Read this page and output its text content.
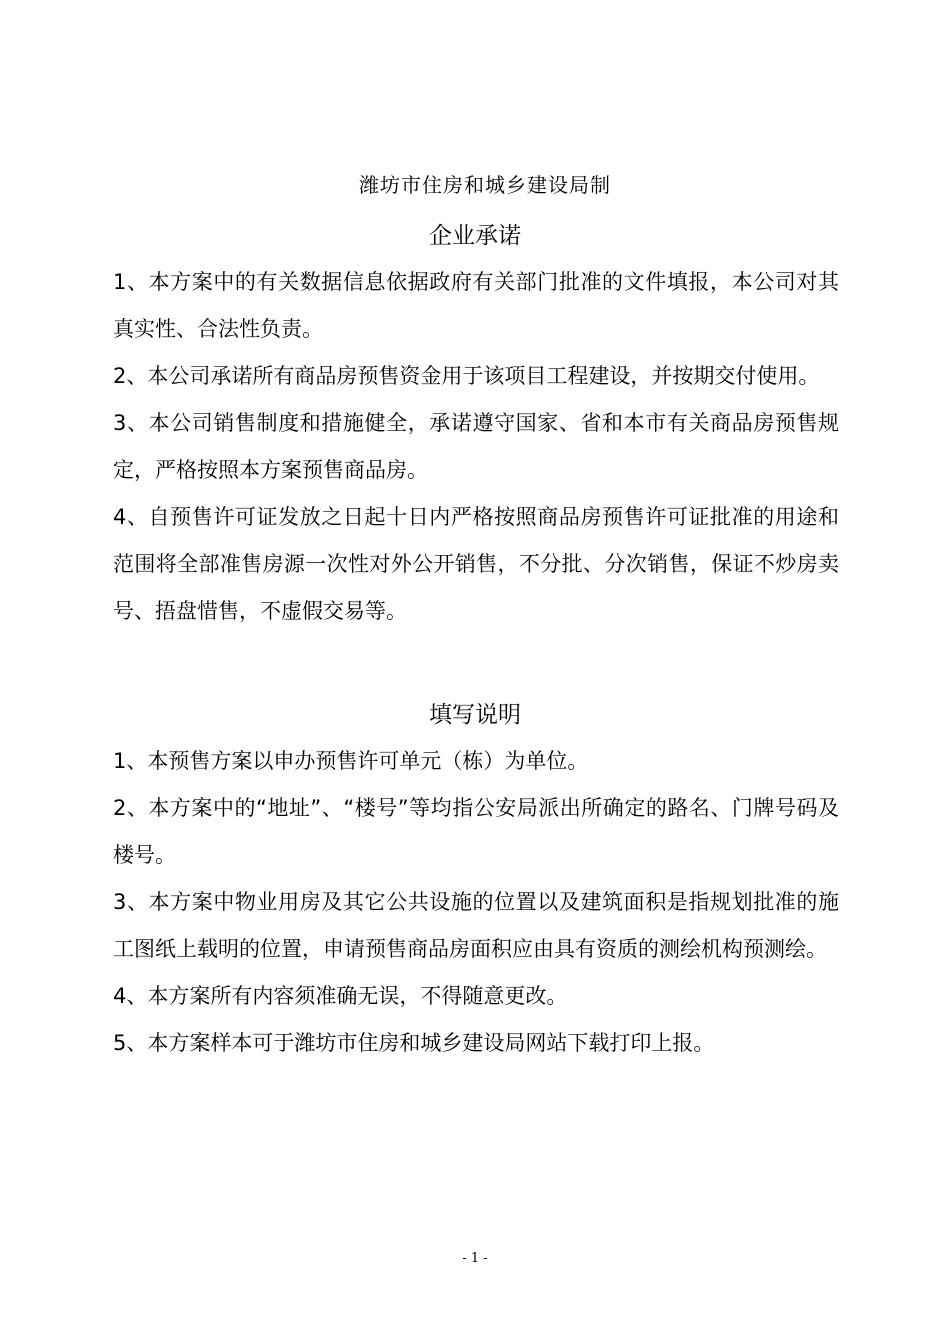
潍坊市住房和城乡建设局制
企业承诺

1、本方案中的有关数据信息依据政府有关部门批准的文件填报，本公司对其真实性、合法性负责。

2、本公司承诺所有商品房预售资金用于该项目工程建设，并按期交付使用。

3、本公司销售制度和措施健全，承诺遵守国家、省和本市有关商品房预售规定，严格按照本方案预售商品房。

4、自预售许可证发放之日起十日内严格按照商品房预售许可证批准的用途和范围将全部准售房源一次性对外公开销售，不分批、分次销售，保证不炒房卖号、捂盘惜售，不虚假交易等。

填写说明

1、本预售方案以申办预售许可单元（栋）为单位。

2、本方案中的“地址”、“楼号”等均指公安局派出所确定的路名、门牌号码及楼号。

3、本方案中物业用房及其它公共设施的位置以及建筑面积是指规划批准的施工图纸上载明的位置，申请预售商品房面积应由具有资质的测绘机构预测绘。

4、本方案所有内容须准确无误，不得随意更改。

5、本方案样本可于潍坊市住房和城乡建设局网站下载打印上报。

- 1 -
